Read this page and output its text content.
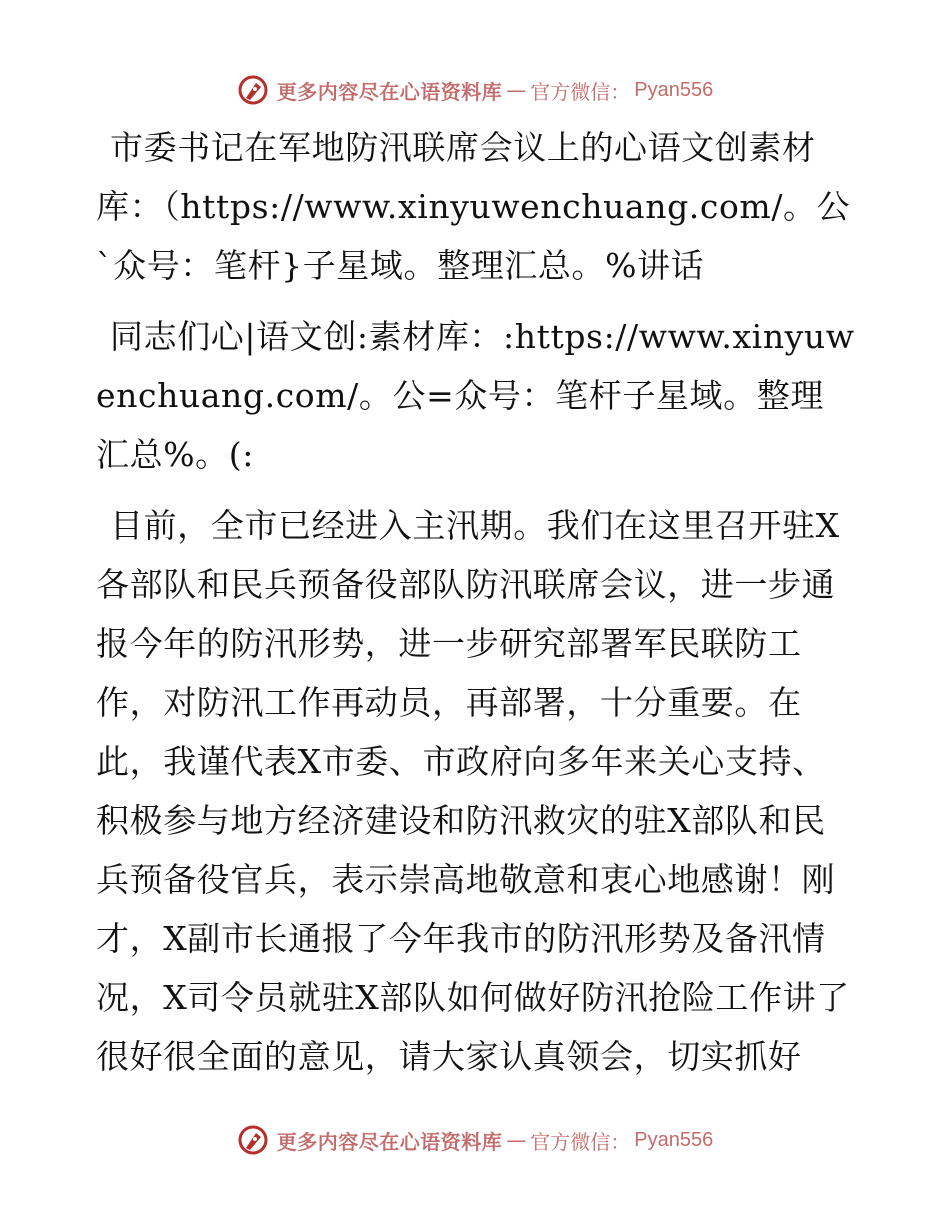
更多内容尽在心语资料库 — 官方微信： Pyan556

市委书记在军地防汛联席会议上的心语文创素材库：（https://www.xinyuwenchuang.com/。公`众号：笔杆}子星域。整理汇总。%讲话

同志们心|语文创:素材库：:https://www.xinyuwenchuang.com/。公=众号：笔杆子星域。整理汇总%。(:

目前，全市已经进入主汛期。我们在这里召开驻X各部队和民兵预备役部队防汛联席会议，进一步通报今年的防汛形势，进一步研究部署军民联防工作，对防汛工作再动员，再部署，十分重要。在此，我谨代表X市委、市政府向多年来关心支持、积极参与地方经济建设和防汛救灾的驻X部队和民兵预备役官兵，表示崇高地敬意和衷心地感谢！刚才，X副市长通报了今年我市的防汛形势及备汛情况，X司令员就驻X部队如何做好防汛抢险工作讲了很好很全面的意见，请大家认真领会，切实抓好

更多内容尽在心语资料库 — 官方微信： Pyan556
